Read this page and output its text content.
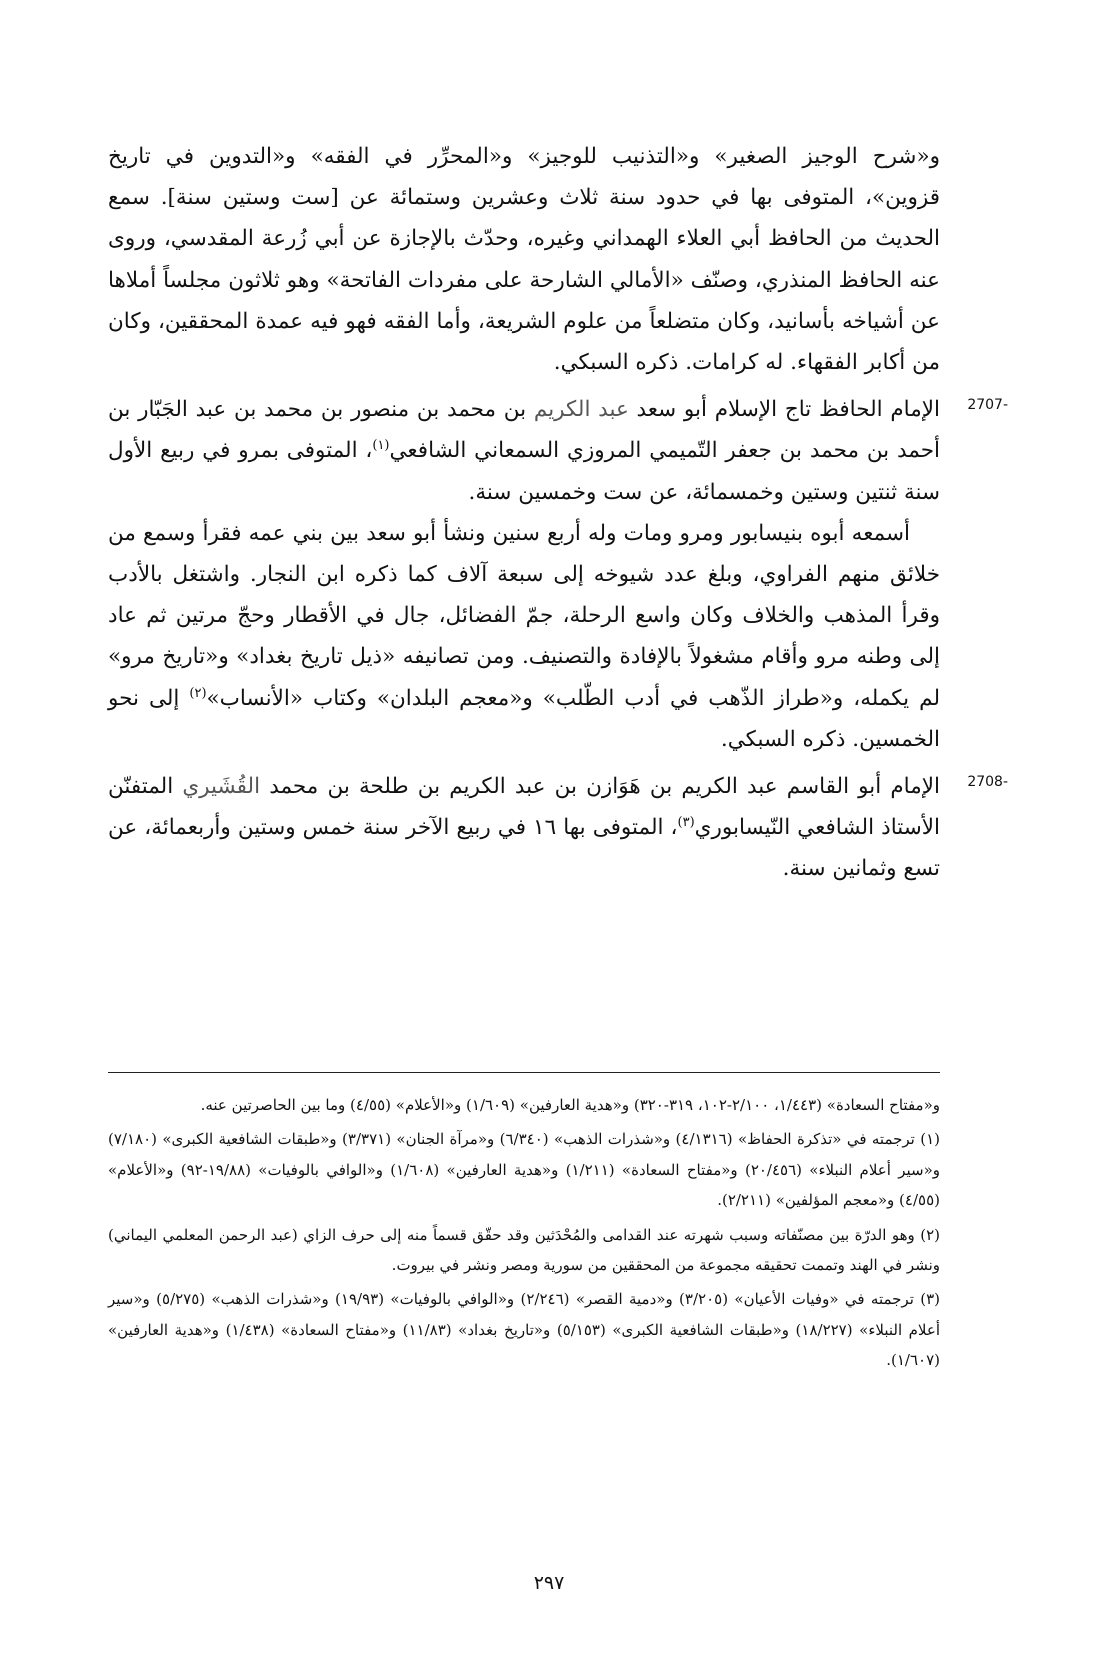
و«شرح الوجيز الصغير» و«التذنيب للوجيز» و«المحرِّر في الفقه» و«التدوين في تاريخ قزوين»، المتوفى بها في حدود سنة ثلاث وعشرين وستمائة عن [ست وستين سنة]. سمع الحديث من الحافظ أبي العلاء الهمداني وغيره، وحدّث بالإجازة عن أبي زُرعة المقدسي، وروى عنه الحافظ المنذري، وصنّف «الأمالي الشارحة على مفردات الفاتحة» وهو ثلاثون مجلساً أملاها عن أشياخه بأسانيد، وكان متضلعاً من علوم الشريعة، وأما الفقه فهو فيه عمدة المحققين، وكان من أكابر الفقهاء. له كرامات. ذكره السبكي.

2707-

الإمام الحافظ تاج الإسلام أبو سعد عبد الكريم بن محمد بن منصور بن محمد بن عبد الجَبّار بن أحمد بن محمد بن جعفر التّميمي المروزي السمعاني الشافعي$^{(١)}$، المتوفى بمرو في ربيع الأول سنة ثنتين وستين وخمسمائة، عن ست وخمسين سنة.

أسمعه أبوه بنيسابور ومرو ومات وله أربع سنين ونشأ أبو سعد بين بني عمه فقرأ وسمع من خلائق منهم الفراوي، وبلغ عدد شيوخه إلى سبعة آلاف كما ذكره ابن النجار. واشتغل بالأدب وقرأ المذهب والخلاف وكان واسع الرحلة، جمّ الفضائل، جال في الأقطار وحجّ مرتين ثم عاد إلى وطنه مرو وأقام مشغولاً بالإفادة والتصنيف. ومن تصانيفه «ذيل تاريخ بغداد» و«تاريخ مرو» لم يكمله، و«طراز الذّهب في أدب الطّلب» و«معجم البلدان» وكتاب «الأنساب»$^{(٢)}$ إلى نحو الخمسين. ذكره السبكي.

2708-

الإمام أبو القاسم عبد الكريم بن هَوَازن بن عبد الكريم بن طلحة بن محمد القُشَيري المتفنّن الأستاذ الشافعي النّيسابوري$^{(٣)}$، المتوفى بها ١٦ في ربيع الآخر سنة خمس وستين وأربعمائة، عن تسع وثمانين سنة.

و«مفتاح السعادة» (١/٤٤٣، ٢/١٠٠-١٠٢، ٣١٩-٣٢٠) و«هدية العارفين» (١/٦٠٩) و«الأعلام» (٤/٥٥) وما بين الحاصرتين عنه.

(١) ترجمته في «تذكرة الحفاظ» (٤/١٣١٦) و«شذرات الذهب» (٦/٣٤٠) و«مرآة الجنان» (٣/٣٧١) و«طبقات الشافعية الكبرى» (٧/١٨٠) و«سير أعلام النبلاء» (٢٠/٤٥٦) و«مفتاح السعادة» (١/٢١١) و«هدية العارفين» (١/٦٠٨) و«الوافي بالوفيات» (١٩/٨٨-٩٢) و«الأعلام» (٤/٥٥) و«معجم المؤلفين» (٢/٢١١).

(٢) وهو الدرّة بين مصنّفاته وسبب شهرته عند القدامى والمُحْدَثين وقد حقّق قسماً منه إلى حرف الزاي (عبد الرحمن المعلمي اليماني) ونشر في الهند وتممت تحقيقه مجموعة من المحققين من سورية ومصر ونشر في بيروت.

(٣) ترجمته في «وفيات الأعيان» (٣/٢٠٥) و«دمية القصر» (٢/٢٤٦) و«الوافي بالوفيات» (١٩/٩٣) و«شذرات الذهب» (٥/٢٧٥) و«سير أعلام النبلاء» (١٨/٢٢٧) و«طبقات الشافعية الكبرى» (٥/١٥٣) و«تاريخ بغداد» (١١/٨٣) و«مفتاح السعادة» (١/٤٣٨) و«هدية العارفين» (١/٦٠٧).

٢٩٧
